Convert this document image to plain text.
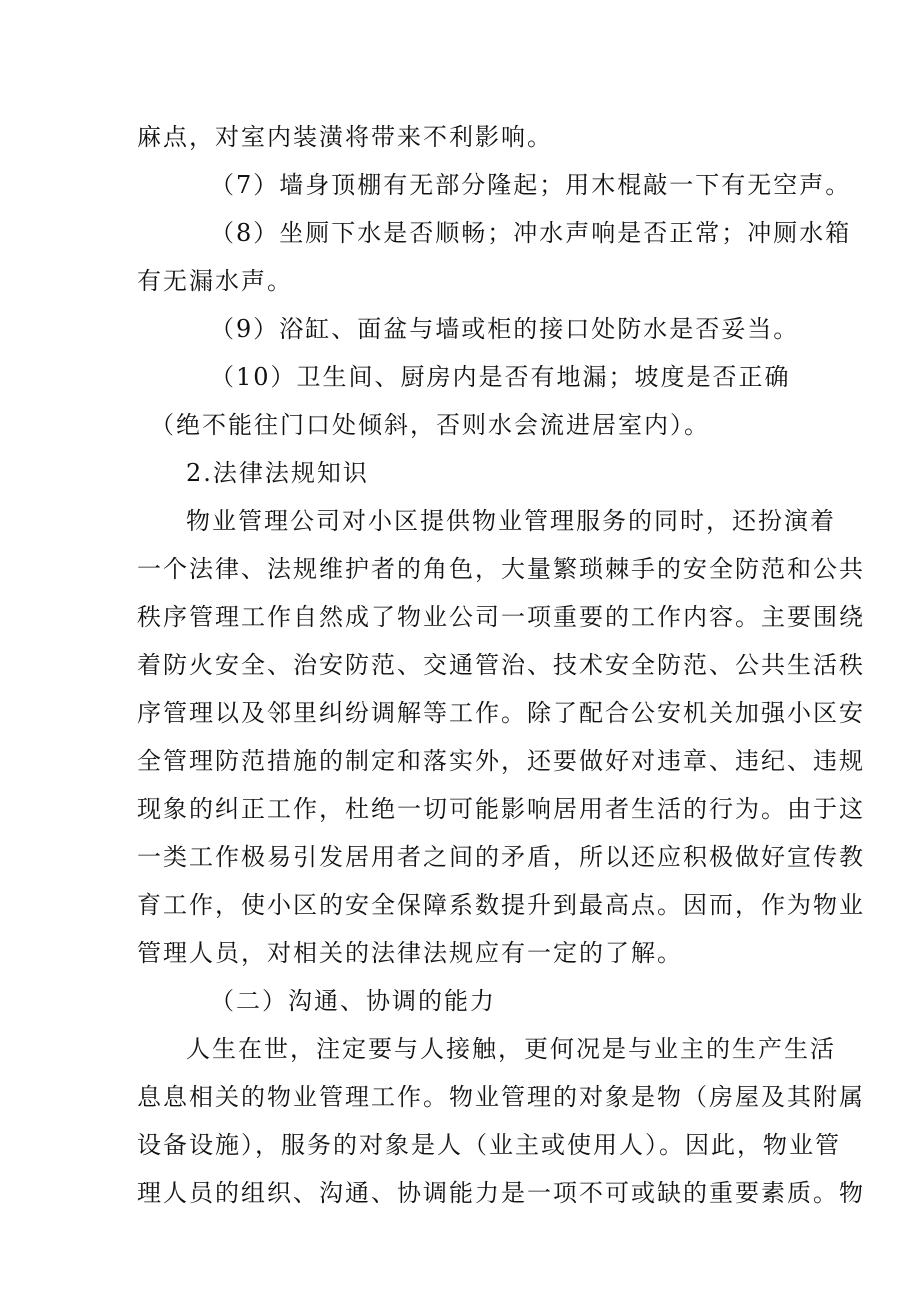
麻点，对室内装潢将带来不利影响。
（7）墙身顶棚有无部分隆起；用木棍敲一下有无空声。
（8）坐厕下水是否顺畅；冲水声响是否正常；冲厕水箱
有无漏水声。
（9）浴缸、面盆与墙或柜的接口处防水是否妥当。
（10）卫生间、厨房内是否有地漏；坡度是否正确
（绝不能往门口处倾斜，否则水会流进居室内）。
2.法律法规知识
物业管理公司对小区提供物业管理服务的同时，还扮演着
一个法律、法规维护者的角色，大量繁琐棘手的安全防范和公共
秩序管理工作自然成了物业公司一项重要的工作内容。主要围绕
着防火安全、治安防范、交通管治、技术安全防范、公共生活秩
序管理以及邻里纠纷调解等工作。除了配合公安机关加强小区安
全管理防范措施的制定和落实外，还要做好对违章、违纪、违规
现象的纠正工作，杜绝一切可能影响居用者生活的行为。由于这
一类工作极易引发居用者之间的矛盾，所以还应积极做好宣传教
育工作，使小区的安全保障系数提升到最高点。因而，作为物业
管理人员，对相关的法律法规应有一定的了解。
（二）沟通、协调的能力
人生在世，注定要与人接触，更何况是与业主的生产生活
息息相关的物业管理工作。物业管理的对象是物（房屋及其附属
设备设施），服务的对象是人（业主或使用人）。因此，物业管
理人员的组织、沟通、协调能力是一项不可或缺的重要素质。物
